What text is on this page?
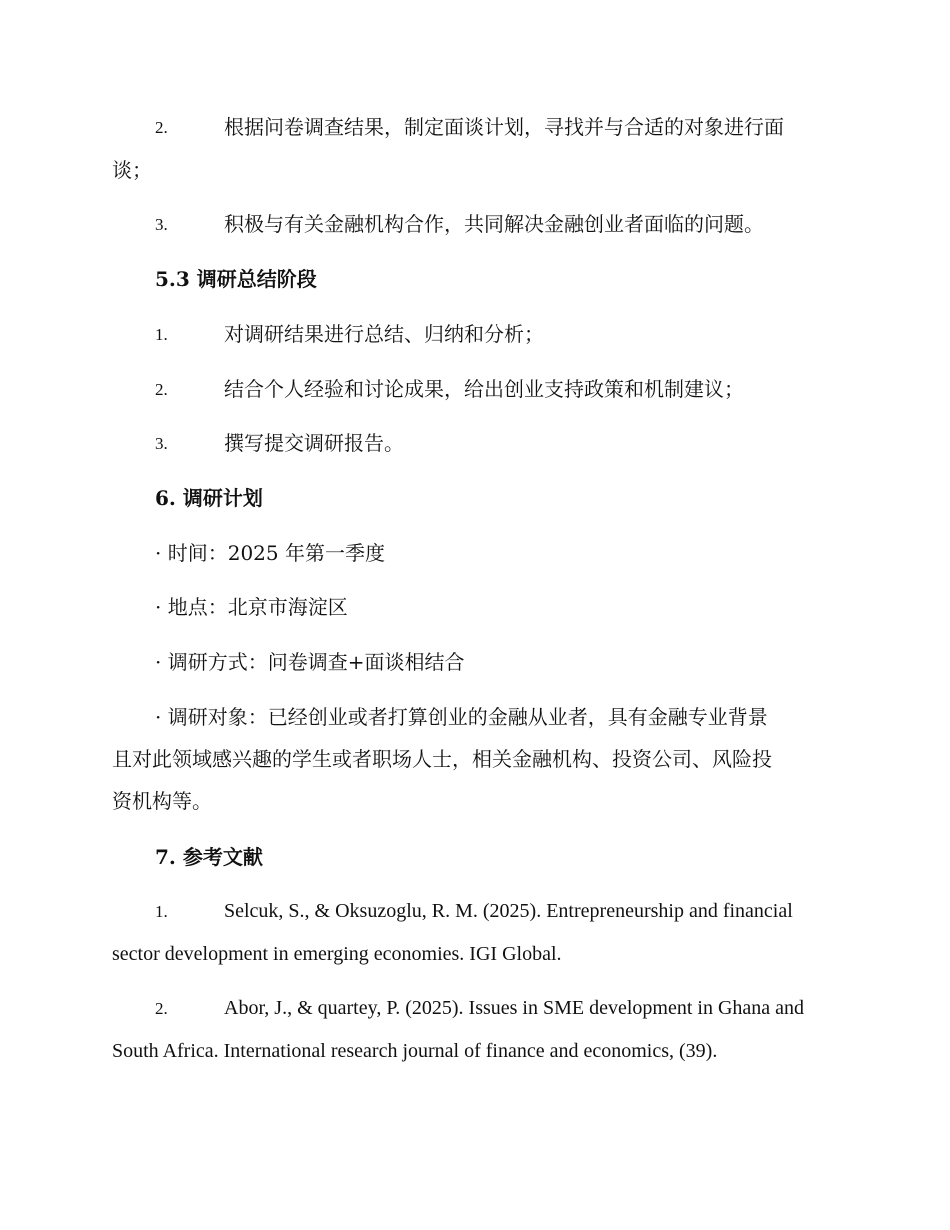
2.	根据问卷调查结果，制定面谈计划，寻找并与合适的对象进行面
谈；
3.	积极与有关金融机构合作，共同解决金融创业者面临的问题。
5.3 调研总结阶段
1.	对调研结果进行总结、归纳和分析；
2.	结合个人经验和讨论成果，给出创业支持政策和机制建议；
3.	撰写提交调研报告。
6. 调研计划
· 时间：2025 年第一季度
· 地点：北京市海淀区
· 调研方式：问卷调查+面谈相结合
· 调研对象：已经创业或者打算创业的金融从业者，具有金融专业背景
且对此领域感兴趣的学生或者职场人士，相关金融机构、投资公司、风险投
资机构等。
7. 参考文献
1.	Selcuk, S., & Oksuzoglu, R. M. (2025). Entrepreneurship and financial
sector development in emerging economies. IGI Global.
2.	Abor, J., & quartey, P. (2025). Issues in SME development in Ghana and
South Africa. International research journal of finance and economics, (39).
